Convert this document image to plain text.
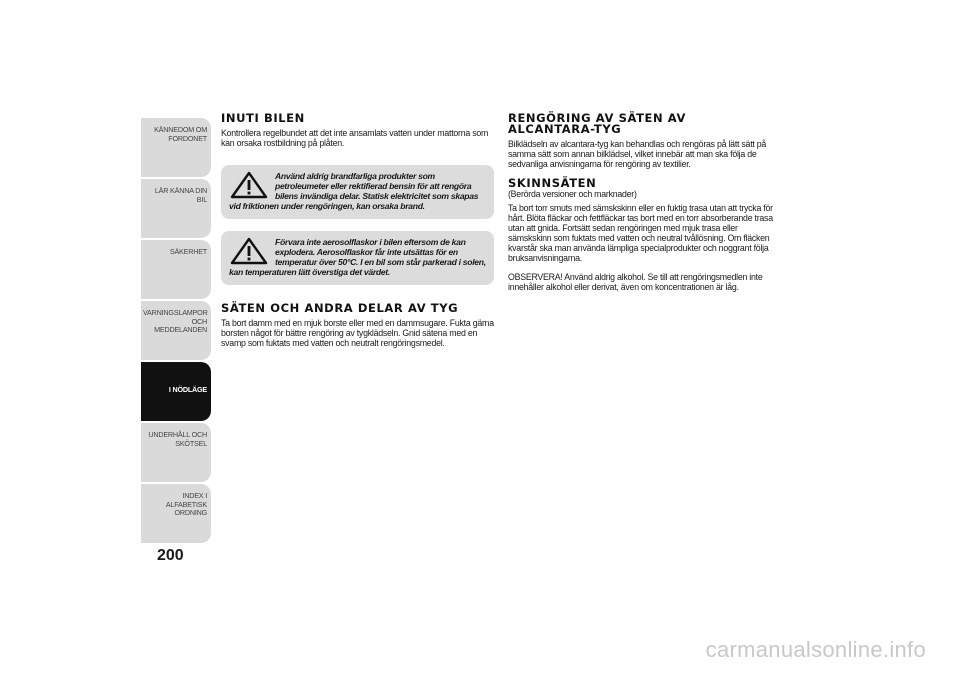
KÄNNEDOM OM
FORDONET
LÄR KÄNNA DIN BIL
SÄKERHET
VARNINGSLAMPOR
OCH MEDDELANDEN
I NÖDLÄGE
UNDERHÅLL OCH
SKÖTSEL
INDEX I ALFABETISK
ORDNING
200
INUTI BILEN

Kontrollera regelbundet att det inte ansamlats vatten under mattorna som kan orsaka rostbildning på plåten.

Använd aldrig brandfarliga produkter som petroleumeter eller rektifierad bensin för att rengöra bilens invändiga delar. Statisk elektricitet som skapas vid friktionen under rengöringen, kan orsaka brand.
Förvara inte aerosolflaskor i bilen eftersom de kan explodera. Aerosolflaskor får inte utsättas för en temperatur över 50°C. I en bil som står parkerad i solen, kan temperaturen lätt överstiga det värdet.
SÄTEN OCH ANDRA DELAR AV TYG

Ta bort damm med en mjuk borste eller med en dammsugare. Fukta gärna borsten något för bättre rengöring av tygklädseln. Gnid sätena med en svamp som fuktats med vatten och neutralt rengöringsmedel.

RENGÖRING AV SÄTEN AV ALCANTARA-TYG

Bilklädseln av alcantara-tyg kan behandlas och rengöras på lätt sätt på samma sätt som annan bilklädsel, vilket innebär att man ska följa de sedvanliga anvisningarna för rengöring av textilier.

SKINNSÄTEN
(Berörda versioner och marknader)

Ta bort torr smuts med sämskskinn eller en fuktig trasa utan att trycka för hårt. Blöta fläckar och fettfläckar tas bort med en torr absorberande trasa utan att gnida. Fortsätt sedan rengöringen med mjuk trasa eller sämskskinn som fuktats med vatten och neutral tvållösning. Om fläcken kvarstår ska man använda lämpliga specialprodukter och noggrant följa bruksanvisningarna.

OBSERVERA! Använd aldrig alkohol. Se till att rengöringsmedlen inte innehåller alkohol eller derivat, även om koncentrationen är låg.

carmanualsonline.info
